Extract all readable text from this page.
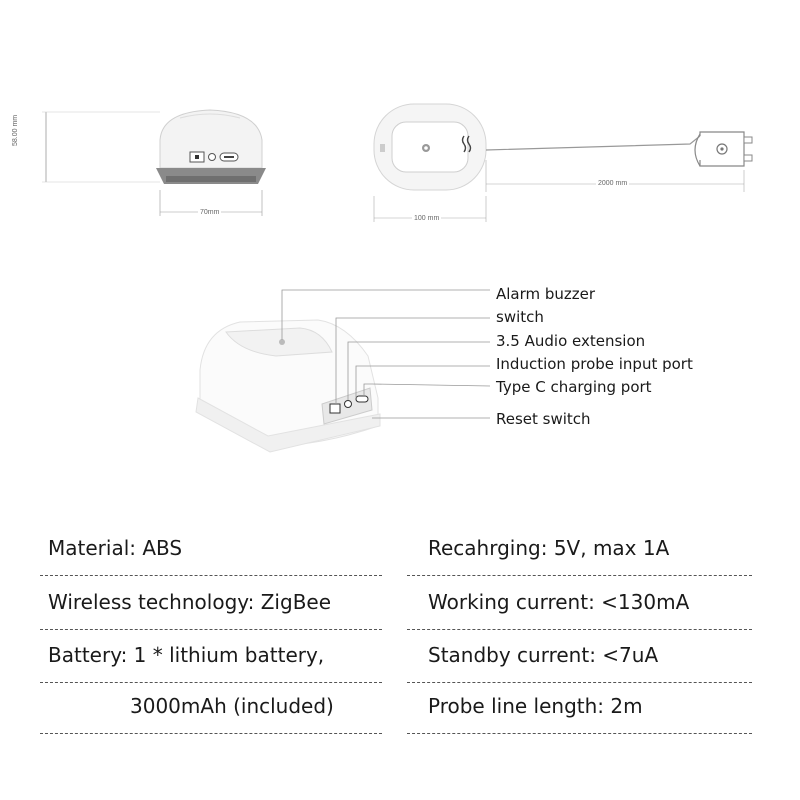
58.00 mm
70mm
2000 mm
100 mm
Alarm buzzer
switch
3.5 Audio extension
Induction probe input port
Type C charging port
Reset switch
Material: ABS	Recahrging: 5V, max 1A
Wireless technology: ZigBee	Working current: <130mA
Battery: 1 * lithium battery,	Standby current: <7uA
3000mAh (included)	Probe line length: 2m
